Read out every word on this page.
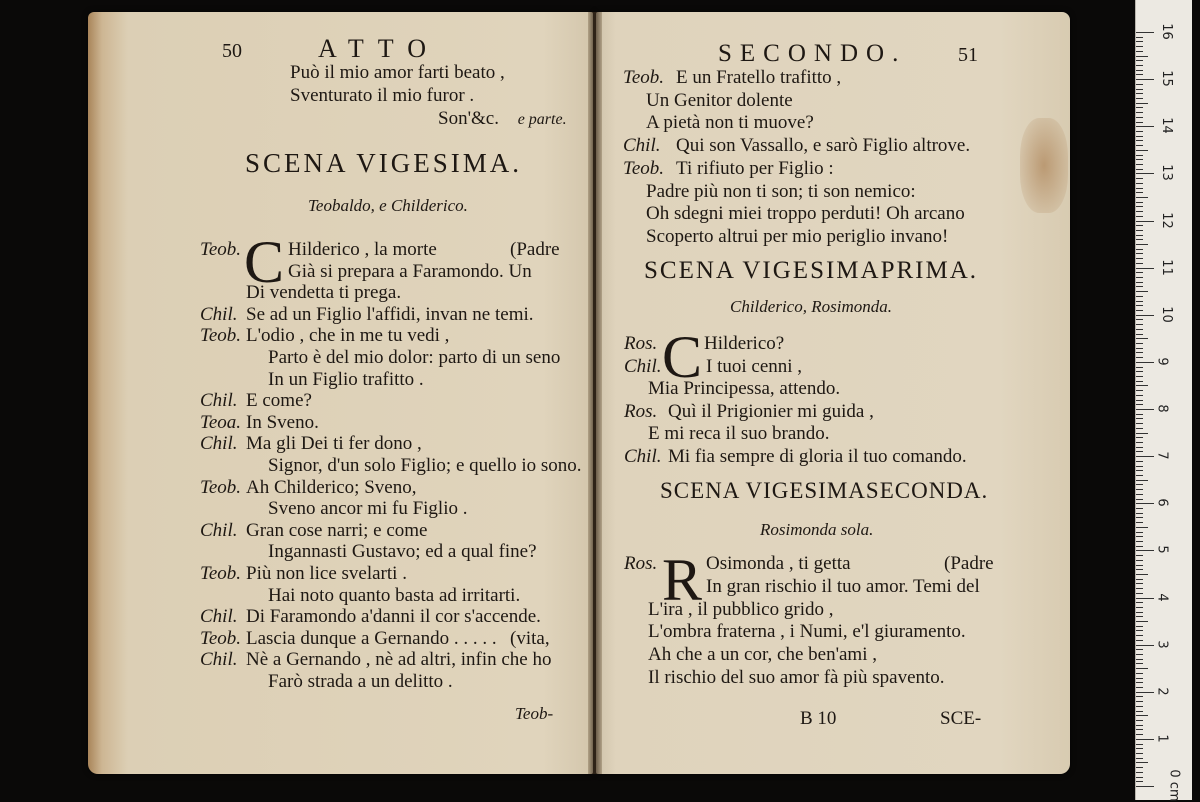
50	ATTO
Può il mio amor farti beato ,
Sventurato il mio furor .
Son'&c. e parte.
SCENA VIGESIMA.
Teobaldo, e Childerico.
C
Teob. Hilderico , la morte	(Padre
Già si prepara a Faramondo. Un
Di vendetta ti prega.
Chil. Se ad un Figlio l'affidi, invan ne temi.
Teob. L'odio , che in me tu vedi ,
Parto è del mio dolor: parto di un seno
In un Figlio trafitto .
Chil. E come?
Teoa. In Sveno.
Chil. Ma gli Dei ti fer dono ,
Signor, d'un solo Figlio; e quello io sono.
Teob. Ah Childerico; Sveno,
Sveno ancor mi fu Figlio .
Chil. Gran cose narri; e come
Ingannasti Gustavo; ed a qual fine?
Teob. Più non lice svelarti .
Hai noto quanto basta ad irritarti.
Chil. Di Faramondo a'danni il cor s'accende.
Teob. Lascia dunque a Gernando . . . . . (vita,
Chil. Nè a Gernando , nè ad altri, infin che ho
Farò strada a un delitto .
Teob-
SECONDO.	51
Teob. E un Fratello trafitto ,
Un Genitor dolente
A pietà non ti muove?
Chil. Qui son Vassallo, e sarò Figlio altrove.
Teob. Ti rifiuto per Figlio :
Padre più non ti son; ti son nemico:
Oh sdegni miei troppo perduti! Oh arcano
Scoperto altrui per mio periglio invano!
SCENA VIGESIMAPRIMA.
Childerico, Rosimonda.
C
Ros. Hilderico?
Chil. I tuoi cenni ,
Mia Principessa, attendo.
Ros. Quì il Prigionier mi guida ,
E mi reca il suo brando.
Chil. Mi fia sempre di gloria il tuo comando.
SCENA VIGESIMASECONDA.
Rosimonda sola.
R
Ros.	Osimonda , ti getta	(Padre
In gran rischio il tuo amor. Temi del
L'ira , il pubblico grido ,
L'ombra fraterna , i Numi, e'l giuramento.
Ah che a un cor, che ben'ami ,
Il rischio del suo amor fà più spavento.
B 10	SCE-
16
15
14
13
12
11
10
9
8
7
6
5
4
3
2
1
0 cm
